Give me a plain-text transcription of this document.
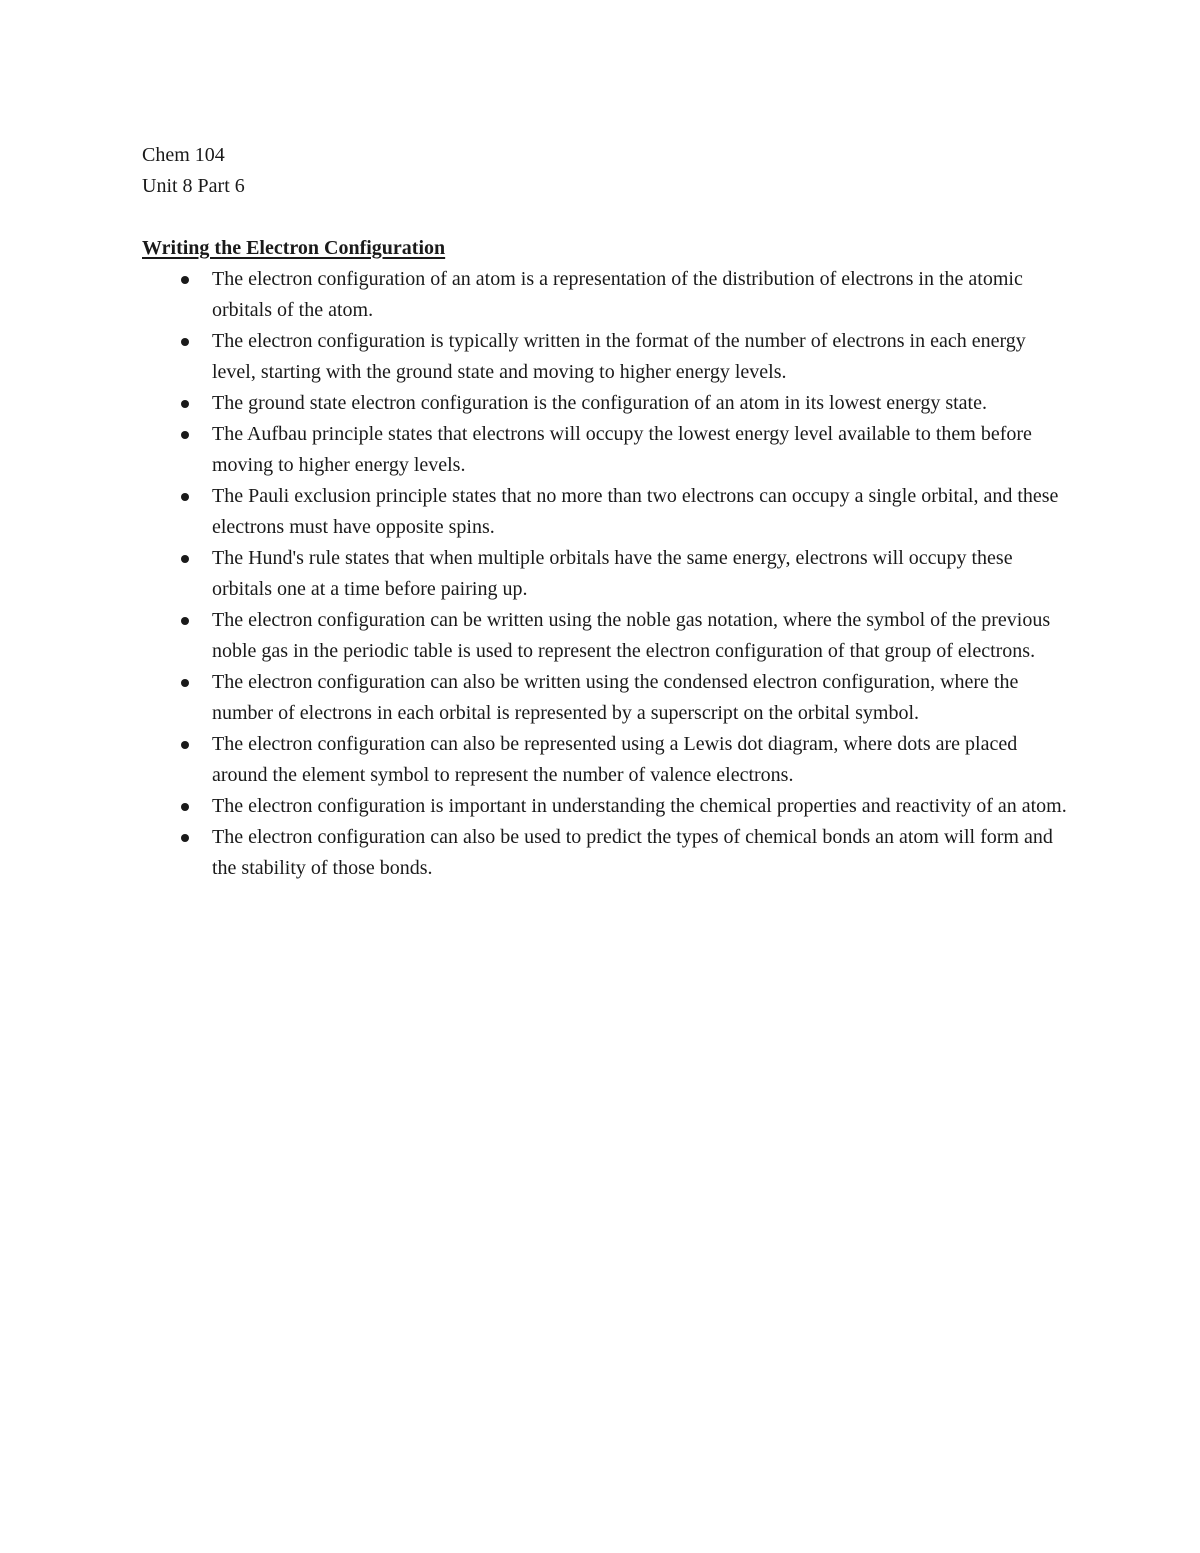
Chem 104

Unit 8 Part 6

Writing the Electron Configuration

The electron configuration of an atom is a representation of the distribution of electrons in the atomic orbitals of the atom.
The electron configuration is typically written in the format of the number of electrons in each energy level, starting with the ground state and moving to higher energy levels.
The ground state electron configuration is the configuration of an atom in its lowest energy state.
The Aufbau principle states that electrons will occupy the lowest energy level available to them before moving to higher energy levels.
The Pauli exclusion principle states that no more than two electrons can occupy a single orbital, and these electrons must have opposite spins.
The Hund's rule states that when multiple orbitals have the same energy, electrons will occupy these orbitals one at a time before pairing up.
The electron configuration can be written using the noble gas notation, where the symbol of the previous noble gas in the periodic table is used to represent the electron configuration of that group of electrons.
The electron configuration can also be written using the condensed electron configuration, where the number of electrons in each orbital is represented by a superscript on the orbital symbol.
The electron configuration can also be represented using a Lewis dot diagram, where dots are placed around the element symbol to represent the number of valence electrons.
The electron configuration is important in understanding the chemical properties and reactivity of an atom.
The electron configuration can also be used to predict the types of chemical bonds an atom will form and the stability of those bonds.
